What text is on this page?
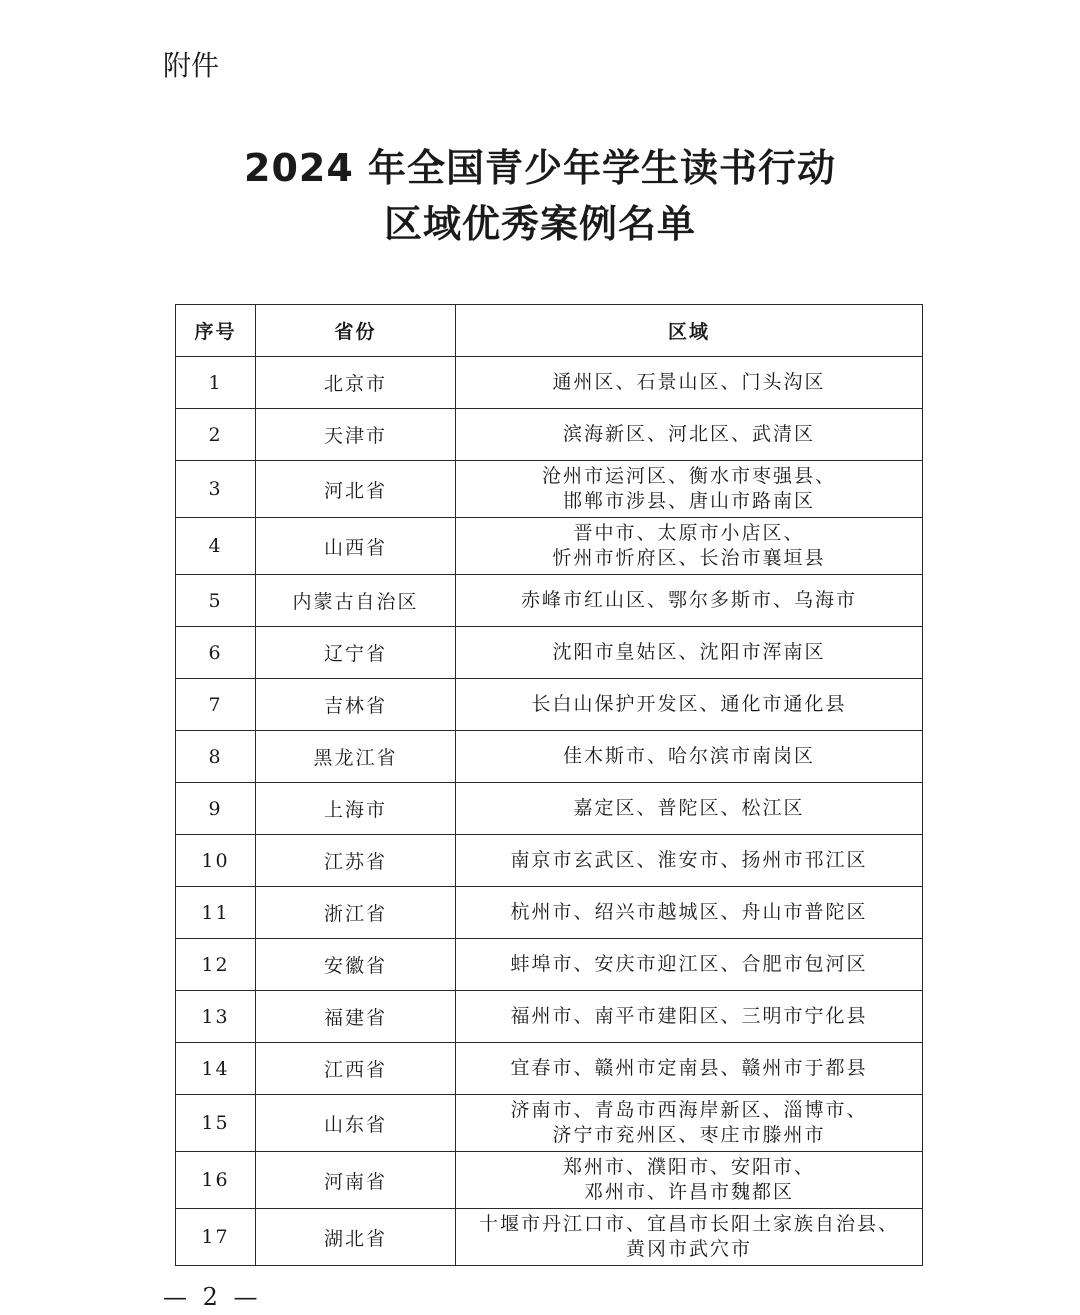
附件
2024 年全国青少年学生读书行动
区域优秀案例名单
序号	省份	区域
1	北京市	通州区、石景山区、门头沟区

2	天津市	滨海新区、河北区、武清区

3	河北省	沧州市运河区、衡水市枣强县、
邯郸市涉县、唐山市路南区

4	山西省	晋中市、太原市小店区、
忻州市忻府区、长治市襄垣县

5	内蒙古自治区	赤峰市红山区、鄂尔多斯市、乌海市

6	辽宁省	沈阳市皇姑区、沈阳市浑南区

7	吉林省	长白山保护开发区、通化市通化县

8	黑龙江省	佳木斯市、哈尔滨市南岗区

9	上海市	嘉定区、普陀区、松江区

10	江苏省	南京市玄武区、淮安市、扬州市邗江区

11	浙江省	杭州市、绍兴市越城区、舟山市普陀区

12	安徽省	蚌埠市、安庆市迎江区、合肥市包河区

13	福建省	福州市、南平市建阳区、三明市宁化县

14	江西省	宜春市、赣州市定南县、赣州市于都县

15	山东省	济南市、青岛市西海岸新区、淄博市、
济宁市兖州区、枣庄市滕州市

16	河南省	郑州市、濮阳市、安阳市、
邓州市、许昌市魏都区

17	湖北省	十堰市丹江口市、宜昌市长阳土家族自治县、
黄冈市武穴市
— 2 —
